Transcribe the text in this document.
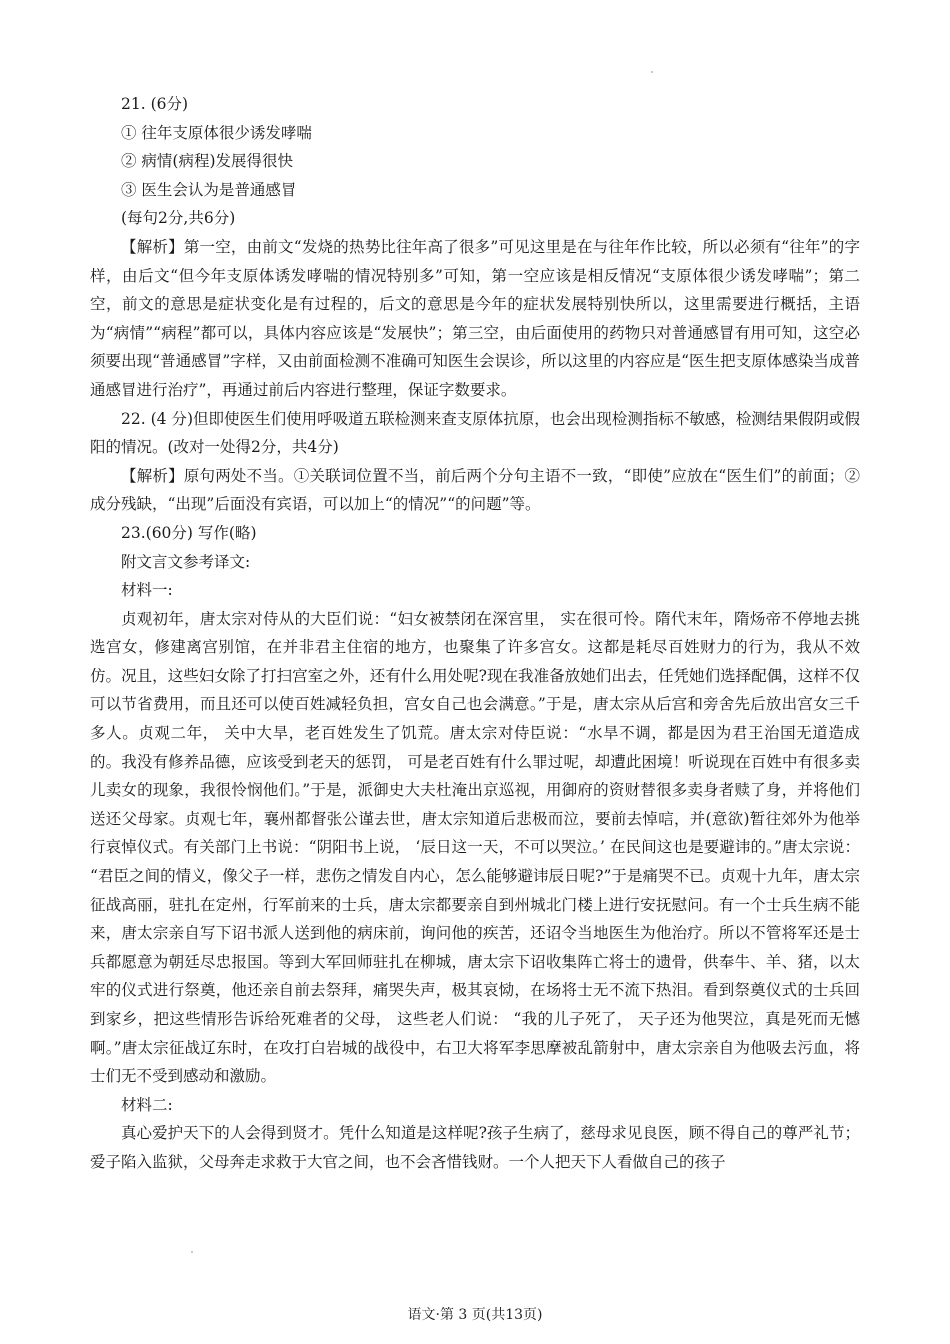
21. (6分)

① 往年支原体很少诱发哮喘

② 病情(病程)发展得很快

③ 医生会认为是普通感冒

(每句2分,共6分)

【解析】第一空，由前文“发烧的热势比往年高了很多”可见这里是在与往年作比较，所以必须有“往年”的字样，由后文“但今年支原体诱发哮喘的情况特别多”可知，第一空应该是相反情况“支原体很少诱发哮喘”；第二空，前文的意思是症状变化是有过程的，后文的意思是今年的症状发展特别快所以，这里需要进行概括，主语为“病情”“病程”都可以，具体内容应该是“发展快”；第三空，由后面使用的药物只对普通感冒有用可知，这空必须要出现“普通感冒”字样，又由前面检测不准确可知医生会误诊，所以这里的内容应是“医生把支原体感染当成普通感冒进行治疗”，再通过前后内容进行整理，保证字数要求。

22. (4 分)但即使医生们使用呼吸道五联检测来查支原体抗原，也会出现检测指标不敏感，检测结果假阴或假阳的情况。(改对一处得2分，共4分)

【解析】原句两处不当。①关联词位置不当，前后两个分句主语不一致，“即使”应放在“医生们”的前面；②成分残缺，“出现”后面没有宾语，可以加上“的情况”“的问题”等。

23.(60分) 写作(略)

附文言文参考译文:

材料一:

贞观初年，唐太宗对侍从的大臣们说：“妇女被禁闭在深宫里， 实在很可怜。隋代末年，隋炀帝不停地去挑选宫女，修建离宫别馆，在并非君主住宿的地方，也聚集了许多宫女。这都是耗尽百姓财力的行为，我从不效仿。况且，这些妇女除了打扫宫室之外，还有什么用处呢?现在我准备放她们出去，任凭她们选择配偶，这样不仅可以节省费用，而且还可以使百姓减轻负担，宫女自己也会满意。”于是，唐太宗从后宫和旁舍先后放出宫女三千多人。贞观二年， 关中大旱，老百姓发生了饥荒。唐太宗对侍臣说：“水旱不调，都是因为君王治国无道造成的。我没有修养品德，应该受到老天的惩罚， 可是老百姓有什么罪过呢，却遭此困境！听说现在百姓中有很多卖儿卖女的现象，我很怜悯他们。”于是，派御史大夫杜淹出京巡视，用御府的资财替很多卖身者赎了身，并将他们送还父母家。贞观七年，襄州都督张公谨去世，唐太宗知道后悲极而泣，要前去悼唁，并(意欲)暂往郊外为他举行哀悼仪式。有关部门上书说：“阴阳书上说， ‘辰日这一天，不可以哭泣。’ 在民间这也是要避讳的。”唐太宗说： “君臣之间的情义，像父子一样，悲伤之情发自内心，怎么能够避讳辰日呢?”于是痛哭不已。贞观十九年，唐太宗征战高丽，驻扎在定州，行军前来的士兵，唐太宗都要亲自到州城北门楼上进行安抚慰问。有一个士兵生病不能来，唐太宗亲自写下诏书派人送到他的病床前，询问他的疾苦，还诏令当地医生为他治疗。所以不管将军还是士兵都愿意为朝廷尽忠报国。等到大军回师驻扎在柳城，唐太宗下诏收集阵亡将士的遗骨，供奉牛、羊、猪，以太牢的仪式进行祭奠，他还亲自前去祭拜，痛哭失声，极其哀恸，在场将士无不流下热泪。看到祭奠仪式的士兵回到家乡，把这些情形告诉给死难者的父母， 这些老人们说： “我的儿子死了， 天子还为他哭泣，真是死而无憾啊。”唐太宗征战辽东时，在攻打白岩城的战役中，右卫大将军李思摩被乱箭射中，唐太宗亲自为他吸去污血，将士们无不受到感动和激励。

材料二:

真心爱护天下的人会得到贤才。凭什么知道是这样呢?孩子生病了，慈母求见良医，顾不得自己的尊严礼节；爱子陷入监狱，父母奔走求救于大官之间，也不会吝惜钱财。一个人把天下人看做自己的孩子

语文·第 3 页(共13页)
